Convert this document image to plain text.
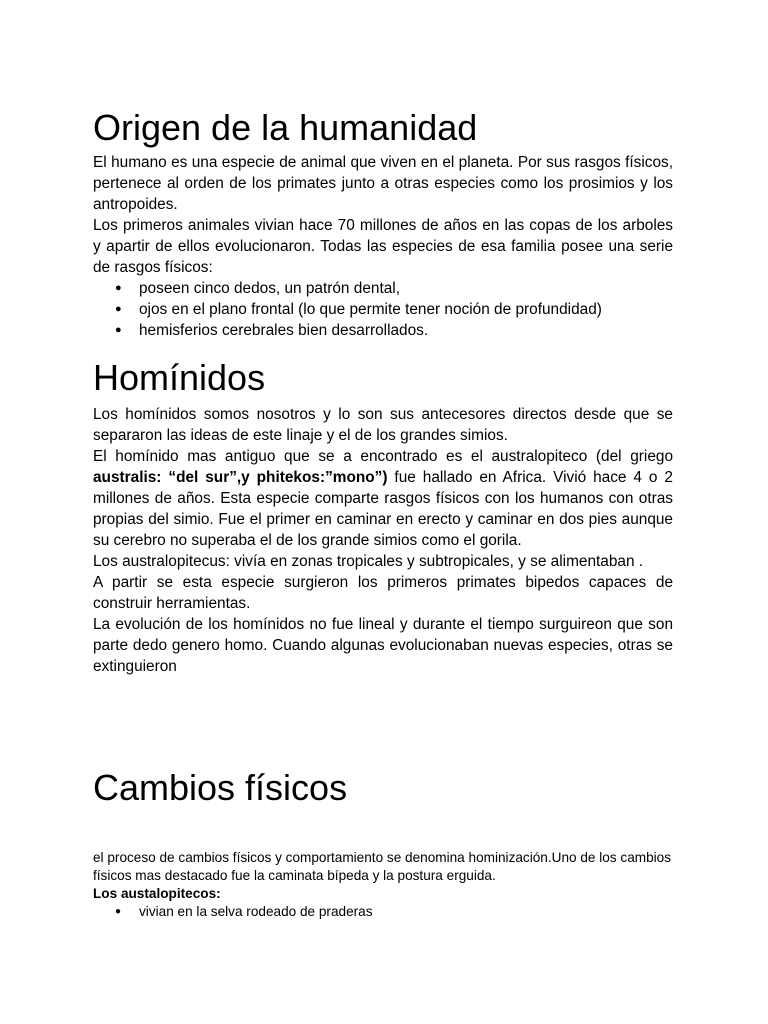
Origen de la humanidad

El humano es una especie de animal que viven en el planeta. Por sus rasgos físicos, pertenece al orden de los primates junto a otras especies como los prosimios y los antropoides.

Los primeros animales vivian hace 70 millones de años en las copas de los arboles y apartir de ellos evolucionaron. Todas las especies de esa familia posee una serie de rasgos físicos:

● poseen cinco dedos, un patrón dental,
● ojos en el plano frontal (lo que permite tener noción de profundidad)
● hemisferios cerebrales bien desarrollados.
Homínidos

Los homínidos somos nosotros y lo son sus antecesores directos desde que se separaron las ideas de este linaje y el de los grandes simios.

El homínido mas antiguo que se a encontrado es el australopiteco (del griego australis: “del sur”,y phitekos:”mono”) fue hallado en Africa. Vivió hace 4 o 2 millones de años. Esta especie comparte rasgos físicos con los humanos con otras propias del simio. Fue el primer en caminar en erecto y caminar en dos pies aunque su cerebro no superaba el de los grande simios como el gorila.

Los australopitecus: vivía en zonas tropicales y subtropicales, y se alimentaban .

A partir se esta especie surgieron los primeros primates bipedos capaces de construir herramientas.

La evolución de los homínidos no fue lineal y durante el tiempo surguireon que son parte dedo genero homo. Cuando algunas evolucionaban nuevas especies, otras se extinguieron

Cambios físicos

el proceso de cambios físicos y comportamiento se denomina hominización.Uno de los cambios físicos mas destacado fue la caminata bípeda y la postura erguida.

Los austalopitecos:

● vivian en la selva rodeado de praderas
